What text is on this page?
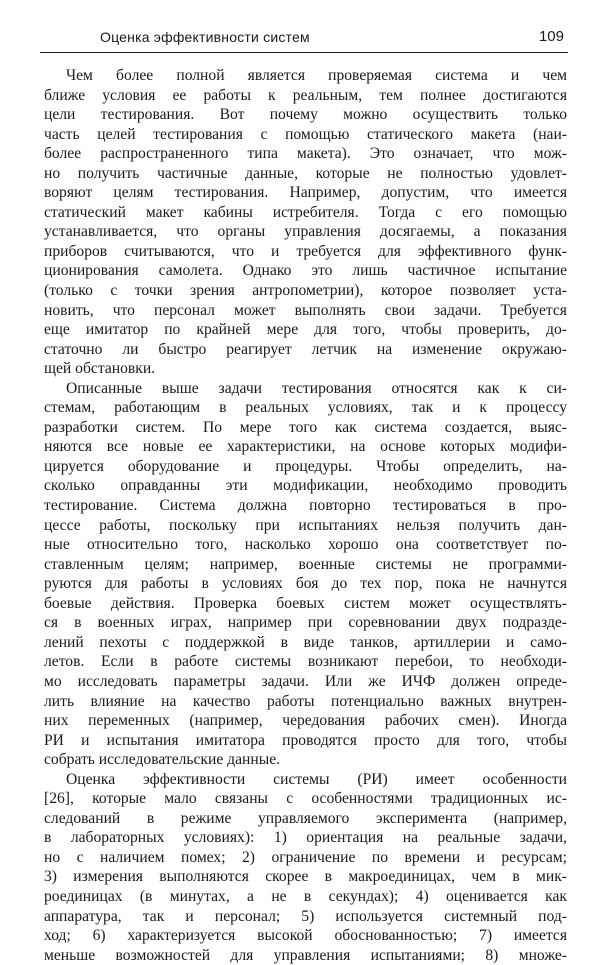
Оценка эффективности систем	109
Чем более полной является проверяемая система и чем
ближе условия ее работы к реальным, тем полнее достигаются
цели тестирования. Вот почему можно осуществить только
часть целей тестирования с помощью статического макета (наи-
более распространенного типа макета). Это означает, что мож-
но получить частичные данные, которые не полностью удовлет-
воряют целям тестирования. Например, допустим, что имеется
статический макет кабины истребителя. Тогда с его помощью
устанавливается, что органы управления досягаемы, а показания
приборов считываются, что и требуется для эффективного функ-
ционирования самолета. Однако это лишь частичное испытание
(только с точки зрения антропометрии), которое позволяет уста-
новить, что персонал может выполнять свои задачи. Требуется
еще имитатор по крайней мере для того, чтобы проверить, до-
статочно ли быстро реагирует летчик на изменение окружаю-
щей обстановки.
Описанные выше задачи тестирования относятся как к си-
стемам, работающим в реальных условиях, так и к процессу
разработки систем. По мере того как система создается, выяс-
няются все новые ее характеристики, на основе которых модифи-
цируется оборудование и процедуры. Чтобы определить, на-
сколько оправданны эти модификации, необходимо проводить
тестирование. Система должна повторно тестироваться в про-
цессе работы, поскольку при испытаниях нельзя получить дан-
ные относительно того, насколько хорошо она соответствует по-
ставленным целям; например, военные системы не программи-
руются для работы в условиях боя до тех пор, пока не начнутся
боевые действия. Проверка боевых систем может осуществлять-
ся в военных играх, например при соревновании двух подразде-
лений пехоты с поддержкой в виде танков, артиллерии и само-
летов. Если в работе системы возникают перебои, то необходи-
мо исследовать параметры задачи. Или же ИЧФ должен опреде-
лить влияние на качество работы потенциально важных внутрен-
них переменных (например, чередования рабочих смен). Иногда
РИ и испытания имитатора проводятся просто для того, чтобы
собрать исследовательские данные.
Оценка эффективности системы (РИ) имеет особенности
[26], которые мало связаны с особенностями традиционных ис-
следований в режиме управляемого эксперимента (например,
в лабораторных условиях): 1) ориентация на реальные задачи,
но с наличием помех; 2) ограничение по времени и ресурсам;
3) измерения выполняются скорее в макроединицах, чем в мик-
роединицах (в минутах, а не в секундах); 4) оценивается как
аппаратура, так и персонал; 5) используется системный под-
ход; 6) характеризуется высокой обоснованностью; 7) имеется
меньше возможностей для управления испытаниями; 8) множе-
